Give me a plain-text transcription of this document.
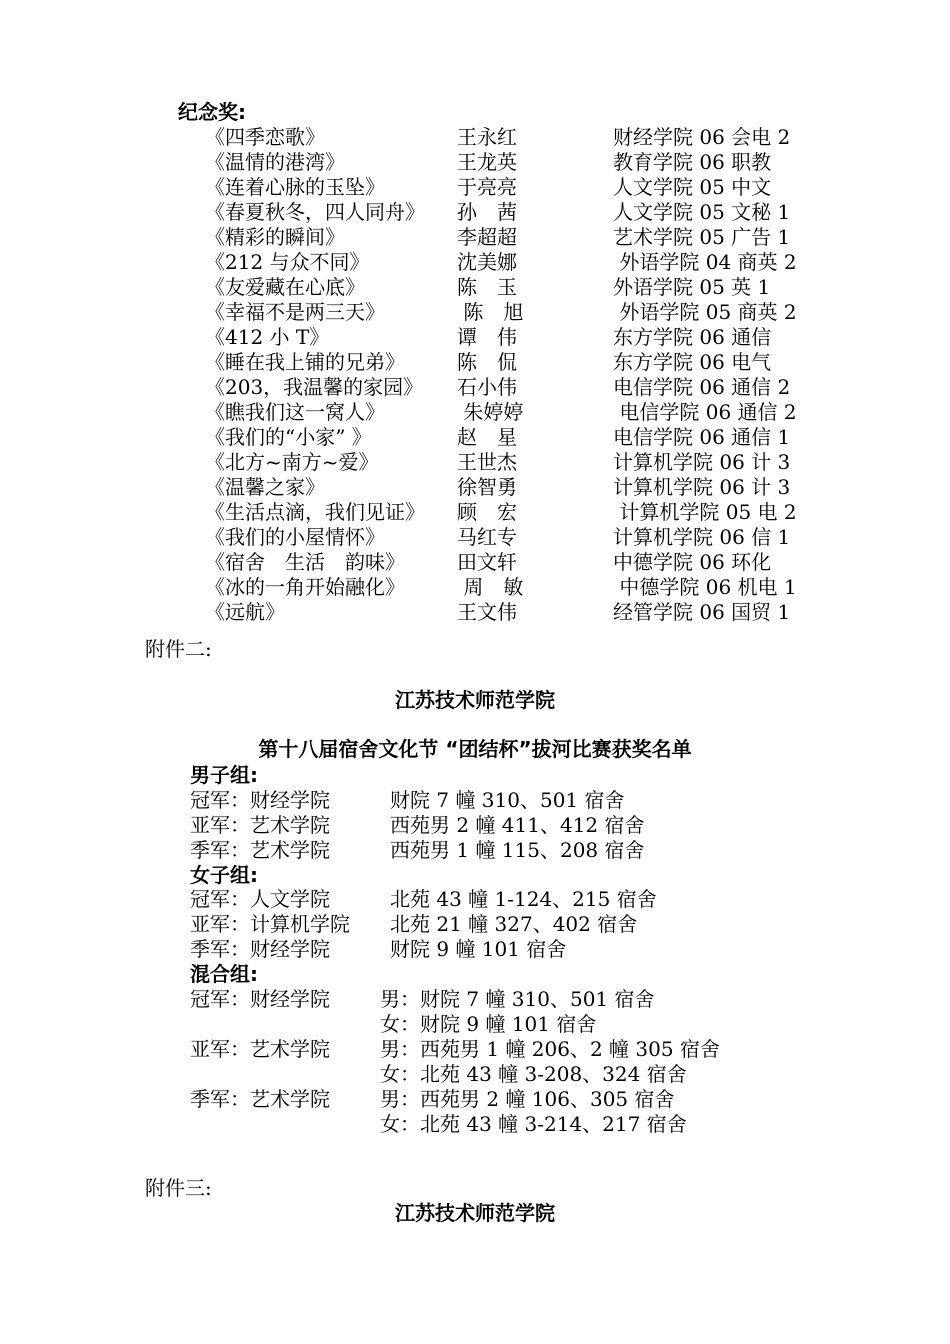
纪念奖:
《四季恋歌》	王永红	财经学院 06 会电 2
《温情的港湾》	王龙英	教育学院 06 职教
《连着心脉的玉坠》	于亮亮	人文学院 05 中文
《春夏秋冬，四人同舟》 孙　茜	人文学院 05 文秘 1
《精彩的瞬间》	李超超	艺术学院 05 广告 1
《212 与众不同》	沈美娜	外语学院 04 商英 2
《友爱藏在心底》	陈　玉	外语学院 05 英 1
《幸福不是两三天》	陈　旭	外语学院 05 商英 2
《412 小 T》	谭　伟	东方学院 06 通信
《睡在我上铺的兄弟》	陈　侃	东方学院 06 电气
《203，我温馨的家园》 石小伟	电信学院 06 通信 2
《瞧我们这一窝人》	朱婷婷	电信学院 06 通信 2
《我们的“小家” 》	赵　星	电信学院 06 通信 1
《北方~南方~爱》	王世杰	计算机学院 06 计 3
《温馨之家》	徐智勇	计算机学院 06 计 3
《生活点滴，我们见证》 顾　宏	计算机学院 05 电 2
《我们的小屋情怀》	马红专	计算机学院 06 信 1
《宿舍　生活　韵味》	田文轩	中德学院 06 环化
《冰的一角开始融化》	周　敏	中德学院 06 机电 1
《远航》	王文伟	经管学院 06 国贸 1
附件二:
江苏技术师范学院
第十八届宿舍文化节 “团结杯”拔河比赛获奖名单
男子组:
冠军：财经学院	财院 7 幢 310、501 宿舍
亚军：艺术学院	西苑男 2 幢 411、412 宿舍
季军：艺术学院	西苑男 1 幢 115、208 宿舍
女子组:
冠军：人文学院	北苑 43 幢 1-124、215 宿舍
亚军：计算机学院 北苑 21 幢 327、402 宿舍
季军：财经学院	财院 9 幢 101 宿舍
混合组:
冠军：财经学院	男：财院 7 幢 310、501 宿舍
女：财院 9 幢 101 宿舍
亚军：艺术学院	男：西苑男 1 幢 206、2 幢 305 宿舍
女：北苑 43 幢 3-208、324 宿舍
季军：艺术学院	男：西苑男 2 幢 106、305 宿舍
女：北苑 43 幢 3-214、217 宿舍
附件三:
江苏技术师范学院
